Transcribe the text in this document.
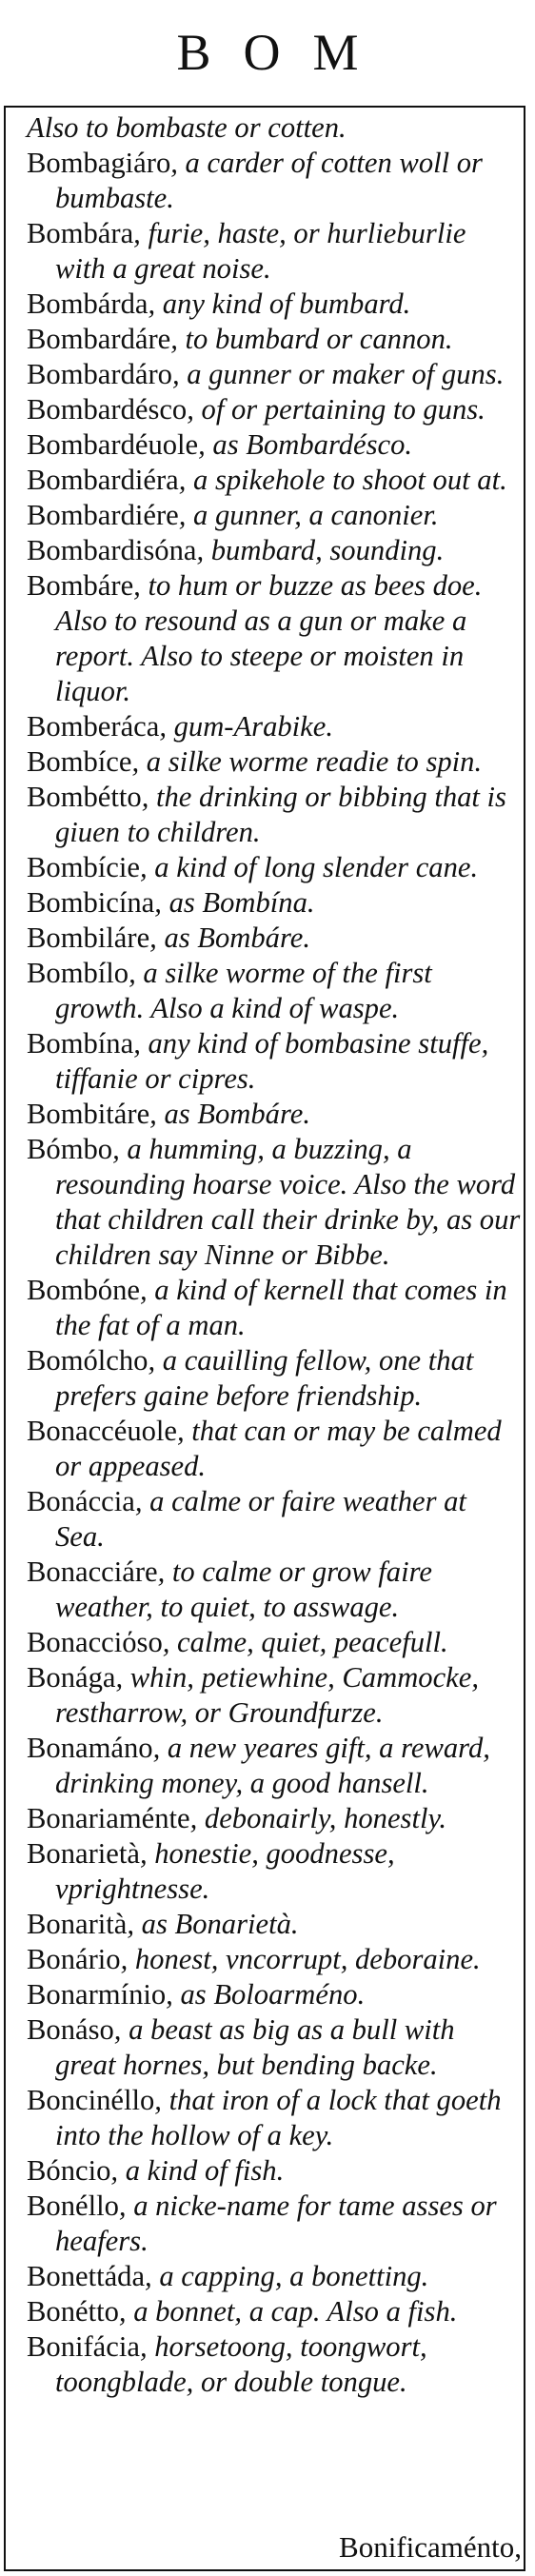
BOM

Also to bombaste or cotten.

Bombagiáro, a carder of cotten woll or bumbaste.

Bombára, furie, haste, or hurlieburlie with a great noise.

Bombárda, any kind of bumbard.

Bombardáre, to bumbard or cannon.

Bombardáro, a gunner or maker of guns.

Bombardésco, of or pertaining to guns.

Bombardéuole, as Bombardésco.

Bombardiéra, a spikehole to shoot out at.

Bombardiére, a gunner, a canonier.

Bombardisóna, bumbard, sounding.

Bombáre, to hum or buzze as bees doe. Also to resound as a gun or make a report. Also to steepe or moisten in liquor.

Bomberáca, gum-Arabike.

Bombíce, a silke worme readie to spin.

Bombétto, the drinking or bibbing that is giuen to children.

Bombície, a kind of long slender cane.

Bombicína, as Bombína.

Bombiláre, as Bombáre.

Bombílo, a silke worme of the first growth. Also a kind of waspe.

Bombína, any kind of bombasine stuffe, tiffanie or cipres.

Bombitáre, as Bombáre.

Bómbo, a humming, a buzzing, a resounding hoarse voice. Also the word that children call their drinke by, as our children say Ninne or Bibbe.

Bombóne, a kind of kernell that comes in the fat of a man.

Bomólcho, a cauilling fellow, one that prefers gaine before friendship.

Bonaccéuole, that can or may be calmed or appeased.

Bonáccia, a calme or faire weather at Sea.

Bonacciáre, to calme or grow faire weather, to quiet, to asswage.

Bonacciόso, calme, quiet, peacefull.

Bonága, whin, petiewhine, Cammocke, restharrow, or Groundfurze.

Bonamáno, a new yeares gift, a reward, drinking money, a good hansell.

Bonariaménte, debonairly, honestly.

Bonarietà, honestie, goodnesse, vprightnesse.

Bonarità, as Bonarietà.

Bonário, honest, vncorrupt, deboraine.

Bonarmínio, as Boloarméno.

Bonáso, a beast as big as a bull with great hornes, but bending backe.

Boncinéllo, that iron of a lock that goeth into the hollow of a key.

Bóncio, a kind of fish.

Bonéllo, a nicke-name for tame asses or heafers.

Bonettáda, a capping, a bonetting.

Bonétto, a bonnet, a cap. Also a fish.

Bonifácia, horsetoong, toongwort, toongblade, or double tongue.

Bonificaménto,
